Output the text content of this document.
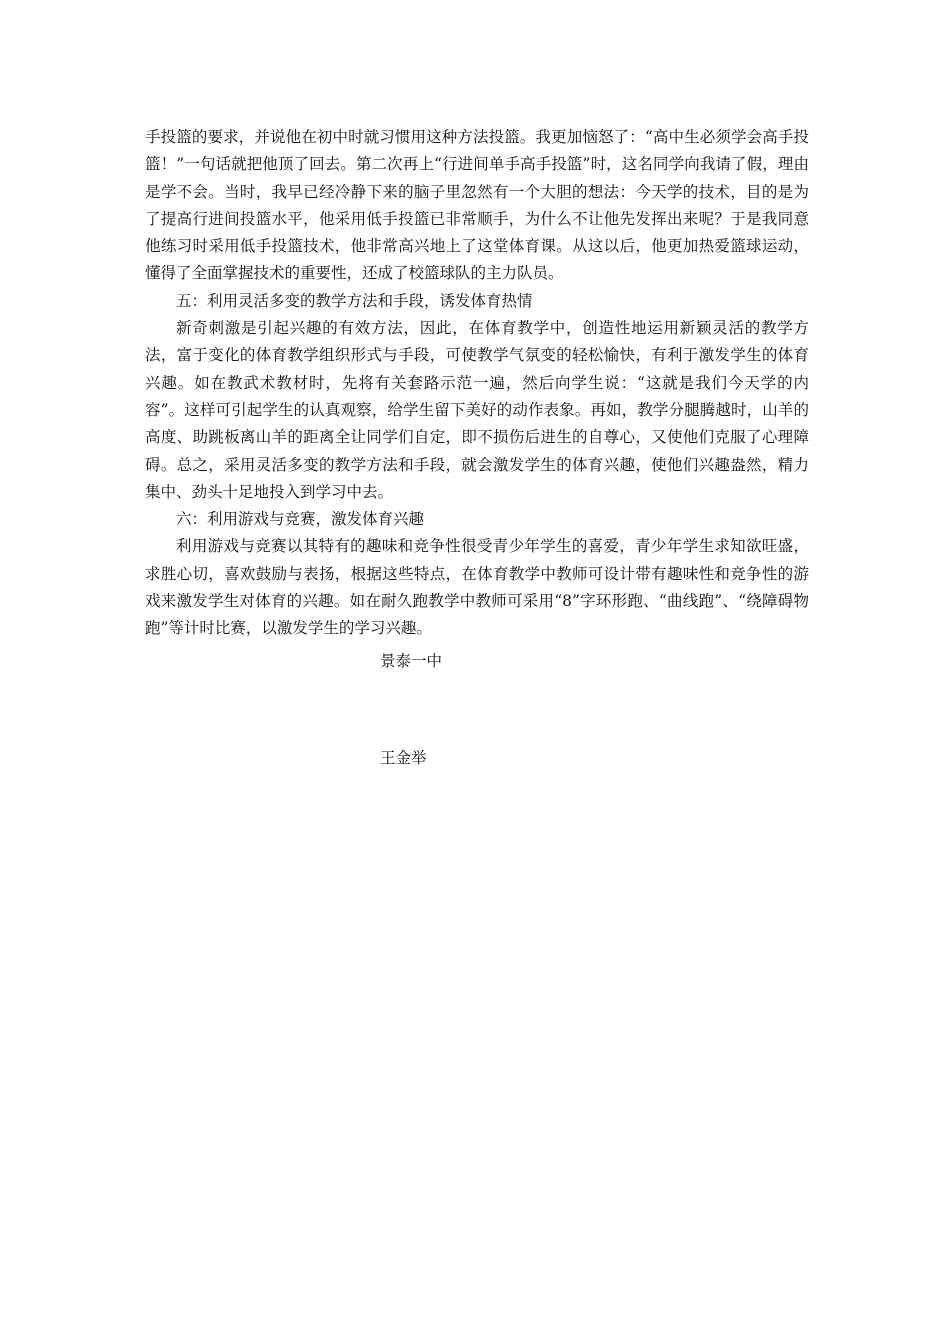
手投篮的要求，并说他在初中时就习惯用这种方法投篮。我更加恼怒了：“高中生必须学会高手投篮！”一句话就把他顶了回去。第二次再上“行进间单手高手投篮”时，这名同学向我请了假，理由是学不会。当时，我早已经冷静下来的脑子里忽然有一个大胆的想法：今天学的技术，目的是为了提高行进间投篮水平，他采用低手投篮已非常顺手，为什么不让他先发挥出来呢？于是我同意他练习时采用低手投篮技术，他非常高兴地上了这堂体育课。从这以后，他更加热爱篮球运动，懂得了全面掌握技术的重要性，还成了校篮球队的主力队员。

五：利用灵活多变的教学方法和手段，诱发体育热情

新奇刺激是引起兴趣的有效方法，因此，在体育教学中，创造性地运用新颖灵活的教学方法，富于变化的体育教学组织形式与手段，可使教学气氛变的轻松愉快，有利于激发学生的体育兴趣。如在教武术教材时，先将有关套路示范一遍，然后向学生说：“这就是我们今天学的内容”。这样可引起学生的认真观察，给学生留下美好的动作表象。再如，教学分腿腾越时，山羊的高度、助跳板离山羊的距离全让同学们自定，即不损伤后进生的自尊心，又使他们克服了心理障碍。总之，采用灵活多变的教学方法和手段，就会激发学生的体育兴趣，使他们兴趣盎然，精力集中、劲头十足地投入到学习中去。

六：利用游戏与竞赛，激发体育兴趣

利用游戏与竞赛以其特有的趣味和竞争性很受青少年学生的喜爱，青少年学生求知欲旺盛，求胜心切，喜欢鼓励与表扬，根据这些特点，在体育教学中教师可设计带有趣味性和竞争性的游戏来激发学生对体育的兴趣。如在耐久跑教学中教师可采用“8”字环形跑、“曲线跑”、“绕障碍物跑”等计时比赛，以激发学生的学习兴趣。

景泰一中

王金举
